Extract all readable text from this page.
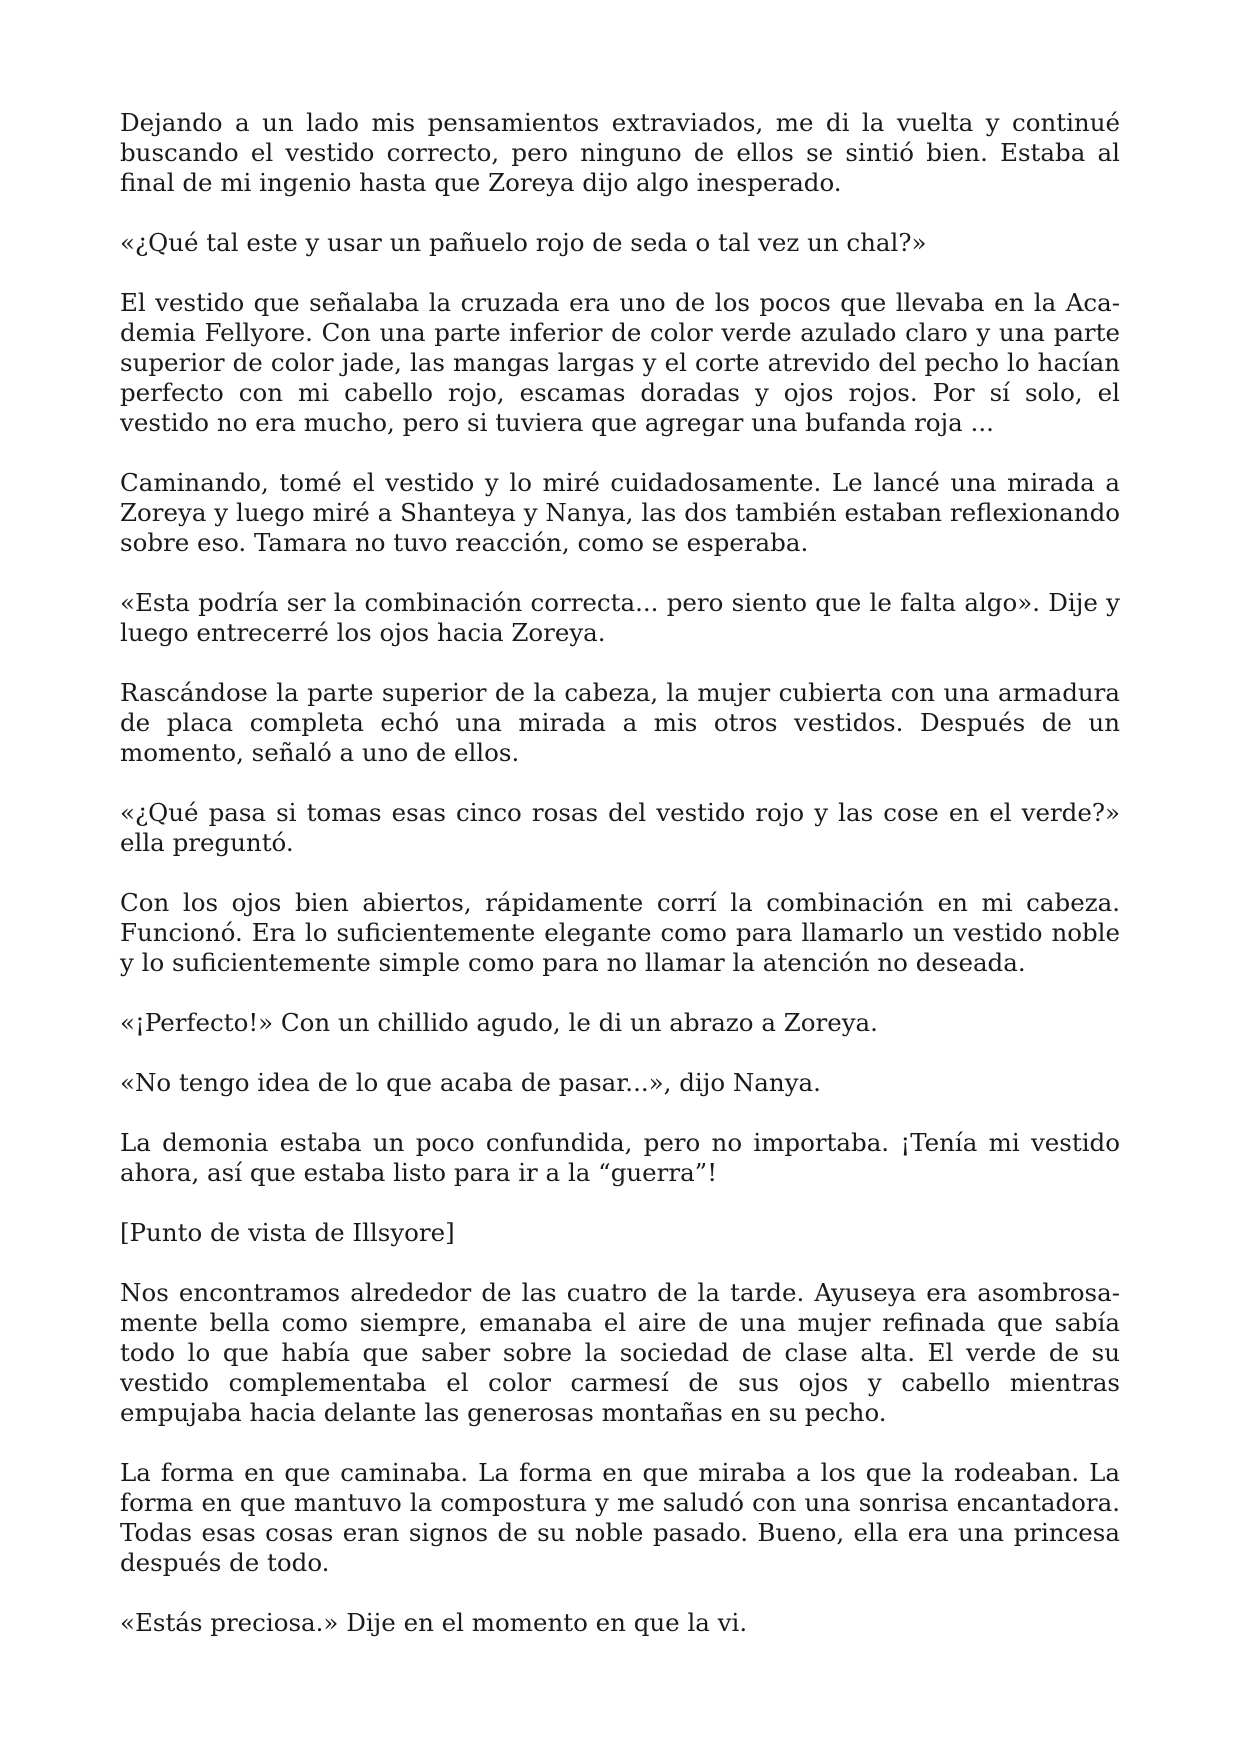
Dejando a un lado mis pensamientos extraviados, me di la vuelta y continué buscando el vestido correcto, pero ninguno de ellos se sintió bien. Estaba al final de mi ingenio hasta que Zoreya dijo algo inesperado.

«¿Qué tal este y usar un pañuelo rojo de seda o tal vez un chal?»

El vestido que señalaba la cruzada era uno de los pocos que llevaba en la Academia Fellyore. Con una parte inferior de color verde azulado claro y una parte superior de color jade, las mangas largas y el corte atrevido del pecho lo hacían perfecto con mi cabello rojo, escamas doradas y ojos rojos. Por sí solo, el vestido no era mucho, pero si tuviera que agregar una bufanda roja ...

Caminando, tomé el vestido y lo miré cuidadosamente. Le lancé una mirada a Zoreya y luego miré a Shanteya y Nanya, las dos también estaban reflexionando sobre eso. Tamara no tuvo reacción, como se esperaba.

«Esta podría ser la combinación correcta... pero siento que le falta algo». Dije y luego entrecerré los ojos hacia Zoreya.

Rascándose la parte superior de la cabeza, la mujer cubierta con una armadura de placa completa echó una mirada a mis otros vestidos. Después de un momento, señaló a uno de ellos.

«¿Qué pasa si tomas esas cinco rosas del vestido rojo y las cose en el verde?» ella preguntó.

Con los ojos bien abiertos, rápidamente corrí la combinación en mi cabeza. Funcionó. Era lo suficientemente elegante como para llamarlo un vestido noble y lo suficientemente simple como para no llamar la atención no deseada.

«¡Perfecto!» Con un chillido agudo, le di un abrazo a Zoreya.

«No tengo idea de lo que acaba de pasar...», dijo Nanya.

La demonia estaba un poco confundida, pero no importaba. ¡Tenía mi vestido ahora, así que estaba listo para ir a la “guerra”!

[Punto de vista de Illsyore]

Nos encontramos alrededor de las cuatro de la tarde. Ayuseya era asombrosamente bella como siempre, emanaba el aire de una mujer refinada que sabía todo lo que había que saber sobre la sociedad de clase alta. El verde de su vestido complementaba el color carmesí de sus ojos y cabello mientras empujaba hacia delante las generosas montañas en su pecho.

La forma en que caminaba. La forma en que miraba a los que la rodeaban. La forma en que mantuvo la compostura y me saludó con una sonrisa encantadora. Todas esas cosas eran signos de su noble pasado. Bueno, ella era una princesa después de todo.

«Estás preciosa.» Dije en el momento en que la vi.
